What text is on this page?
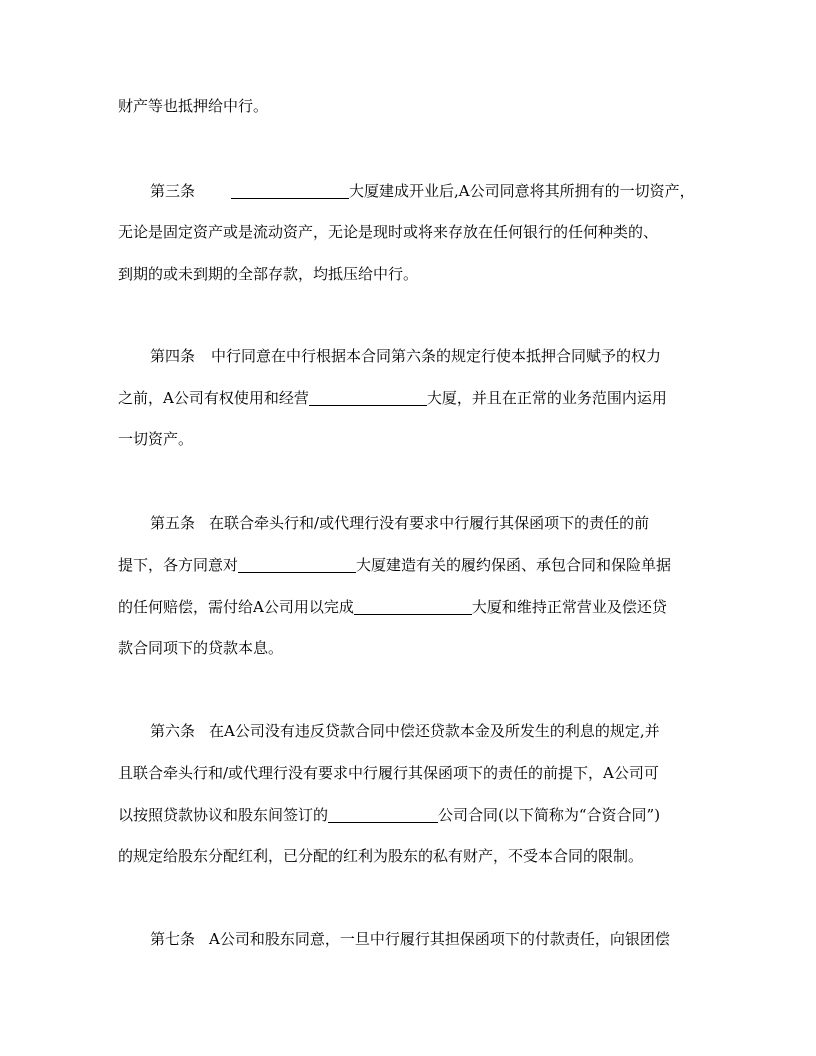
财产等也抵押给中行。
第三条	大厦建成开业后,A公司同意将其所拥有的一切资产，
无论是固定资产或是流动资产，无论是现时或将来存放在任何银行的任何种类的、
到期的或未到期的全部存款，均抵压给中行。
第四条 中行同意在中行根据本合同第六条的规定行使本抵押合同赋予的权力
之前，A公司有权使用和经营	大厦，并且在正常的业务范围内运用
一切资产。
第五条 在联合牵头行和/或代理行没有要求中行履行其保函项下的责任的前
提下，各方同意对	大厦建造有关的履约保函、承包合同和保险单据
的任何赔偿，需付给A公司用以完成	大厦和维持正常营业及偿还贷
款合同项下的贷款本息。
第六条 在A公司没有违反贷款合同中偿还贷款本金及所发生的利息的规定,并
且联合牵头行和/或代理行没有要求中行履行其保函项下的责任的前提下，A公司可
以按照贷款协议和股东间签订的	公司合同(以下简称为“合资合同”)
的规定给股东分配红利，已分配的红利为股东的私有财产，不受本合同的限制。
第七条 A公司和股东同意，一旦中行履行其担保函项下的付款责任，向银团偿
